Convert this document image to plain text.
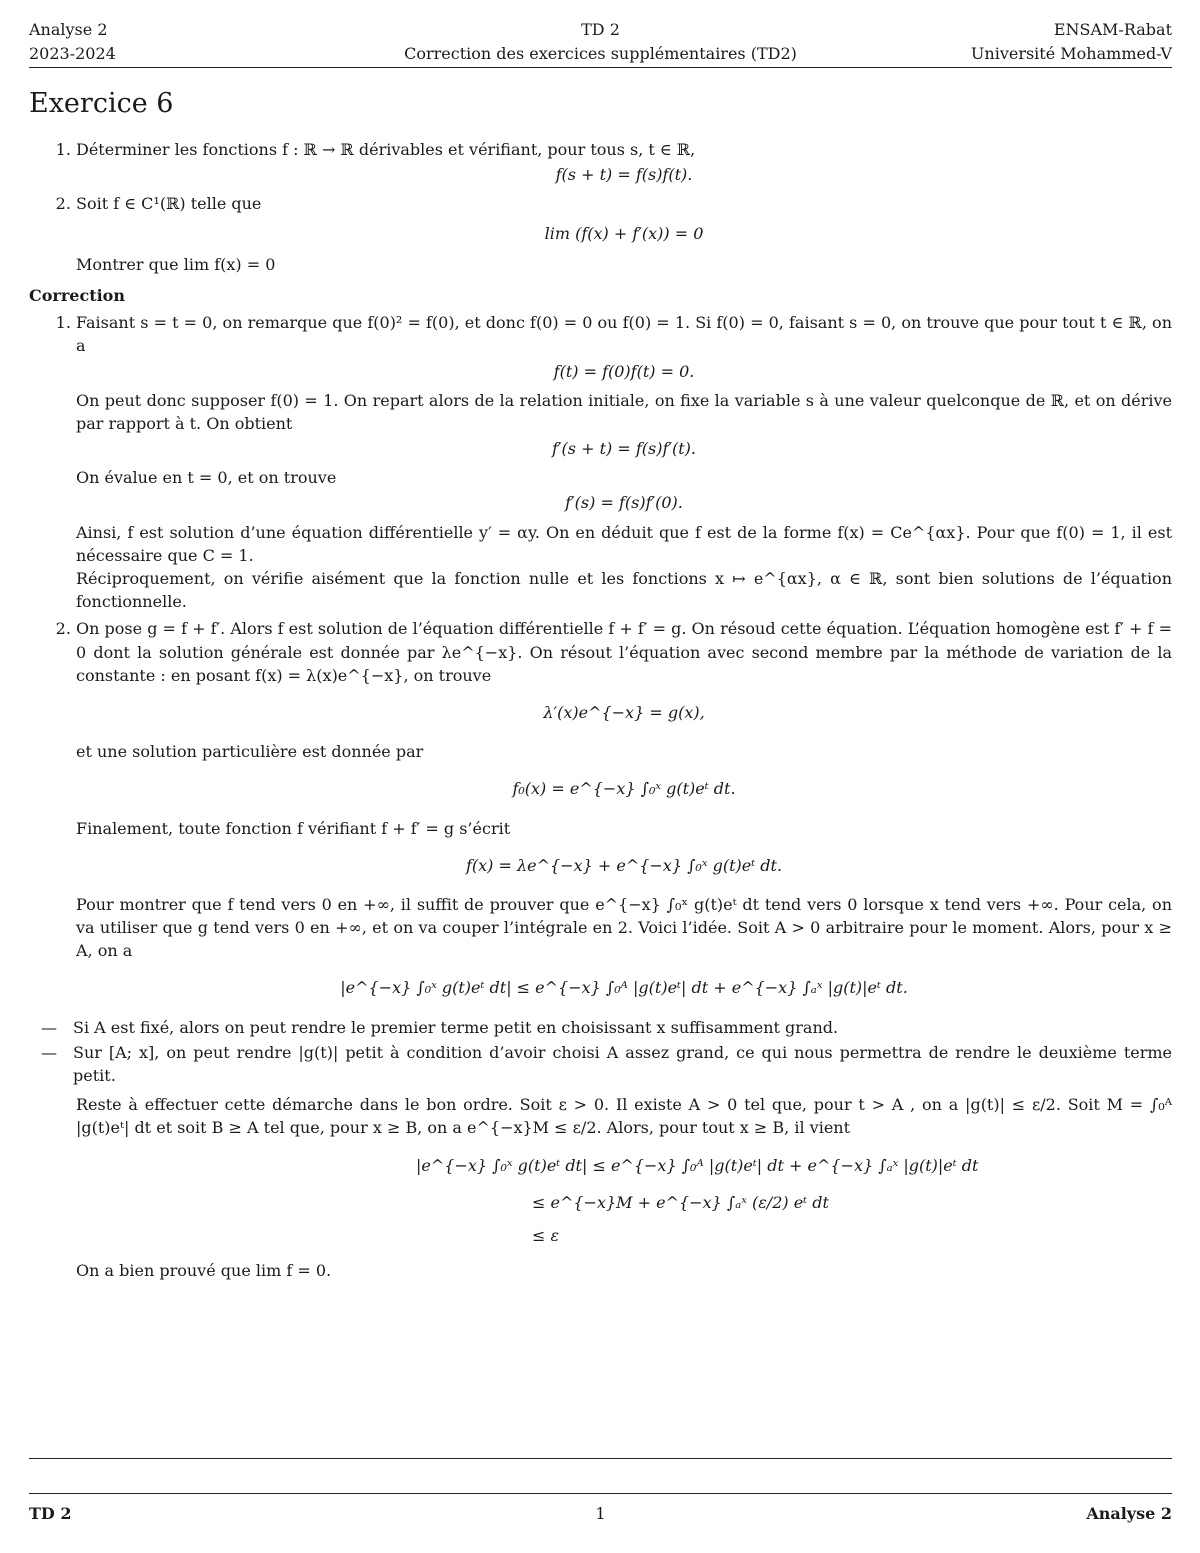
Analyse 2
2023-2024
TD 2
Correction des exercices supplémentaires (TD2)
ENSAM-Rabat
Université Mohammed-V
Exercice 6

1. Déterminer les fonctions f : ℝ → ℝ dérivables et vérifiant, pour tous s, t ∈ ℝ,

f(s + t) = f(s)f(t).

2. Soit f ∈ C¹(ℝ) telle que

lim (f(x) + f′(x)) = 0

Montrer que lim f(x) = 0

Correction

1. Faisant s = t = 0, on remarque que f(0)² = f(0), et donc f(0) = 0 ou f(0) = 1. Si f(0) = 0, faisant s = 0, on trouve que pour tout t ∈ ℝ, on a

f(t) = f(0)f(t) = 0.

On peut donc supposer f(0) = 1. On repart alors de la relation initiale, on fixe la variable s à une valeur quelconque de ℝ, et on dérive par rapport à t. On obtient

f′(s + t) = f(s)f′(t).

On évalue en t = 0, et on trouve

f′(s) = f(s)f′(0).

Ainsi, f est solution d’une équation différentielle y′ = αy. On en déduit que f est de la forme f(x) = Ce^{αx}. Pour que f(0) = 1, il est nécessaire que C = 1.

Réciproquement, on vérifie aisément que la fonction nulle et les fonctions x ↦ e^{αx}, α ∈ ℝ, sont bien solutions de l’équation fonctionnelle.

2. On pose g = f + f′. Alors f est solution de l’équation différentielle f + f′ = g. On résoud cette équation. L’équation homogène est f′ + f = 0 dont la solution générale est donnée par λe^{−x}. On résout l’équation avec second membre par la méthode de variation de la constante : en posant f(x) = λ(x)e^{−x}, on trouve

λ′(x)e^{−x} = g(x),

et une solution particulière est donnée par

f₀(x) = e^{−x} ∫₀ˣ g(t)eᵗ dt.

Finalement, toute fonction f vérifiant f + f′ = g s’écrit

f(x) = λe^{−x} + e^{−x} ∫₀ˣ g(t)eᵗ dt.

Pour montrer que f tend vers 0 en +∞, il suffit de prouver que e^{−x} ∫₀ˣ g(t)eᵗ dt tend vers 0 lorsque x tend vers +∞. Pour cela, on va utiliser que g tend vers 0 en +∞, et on va couper l’intégrale en 2. Voici l’idée. Soit A > 0 arbitraire pour le moment. Alors, pour x ≥ A, on a

|e^{−x} ∫₀ˣ g(t)eᵗ dt| ≤ e^{−x} ∫₀ᴬ |g(t)eᵗ| dt + e^{−x} ∫ₐˣ |g(t)|eᵗ dt.

— Si A est fixé, alors on peut rendre le premier terme petit en choisissant x suffisamment grand.
— Sur [A; x], on peut rendre |g(t)| petit à condition d’avoir choisi A assez grand, ce qui nous permettra de rendre le deuxième terme petit.

Reste à effectuer cette démarche dans le bon ordre. Soit ε > 0. Il existe A > 0 tel que, pour t > A , on a |g(t)| ≤ ε/2. Soit M = ∫₀ᴬ |g(t)eᵗ| dt et soit B ≥ A tel que, pour x ≥ B, on a e^{−x}M ≤ ε/2. Alors, pour tout x ≥ B, il vient

|e^{−x} ∫₀ˣ g(t)eᵗ dt| ≤ e^{−x} ∫₀ᴬ |g(t)eᵗ| dt + e^{−x} ∫ₐˣ |g(t)|eᵗ dt
≤ e^{−x}M + e^{−x} ∫ₐˣ (ε/2) eᵗ dt
≤ ε

On a bien prouvé que lim f = 0.

TD 2	1	Analyse 2
